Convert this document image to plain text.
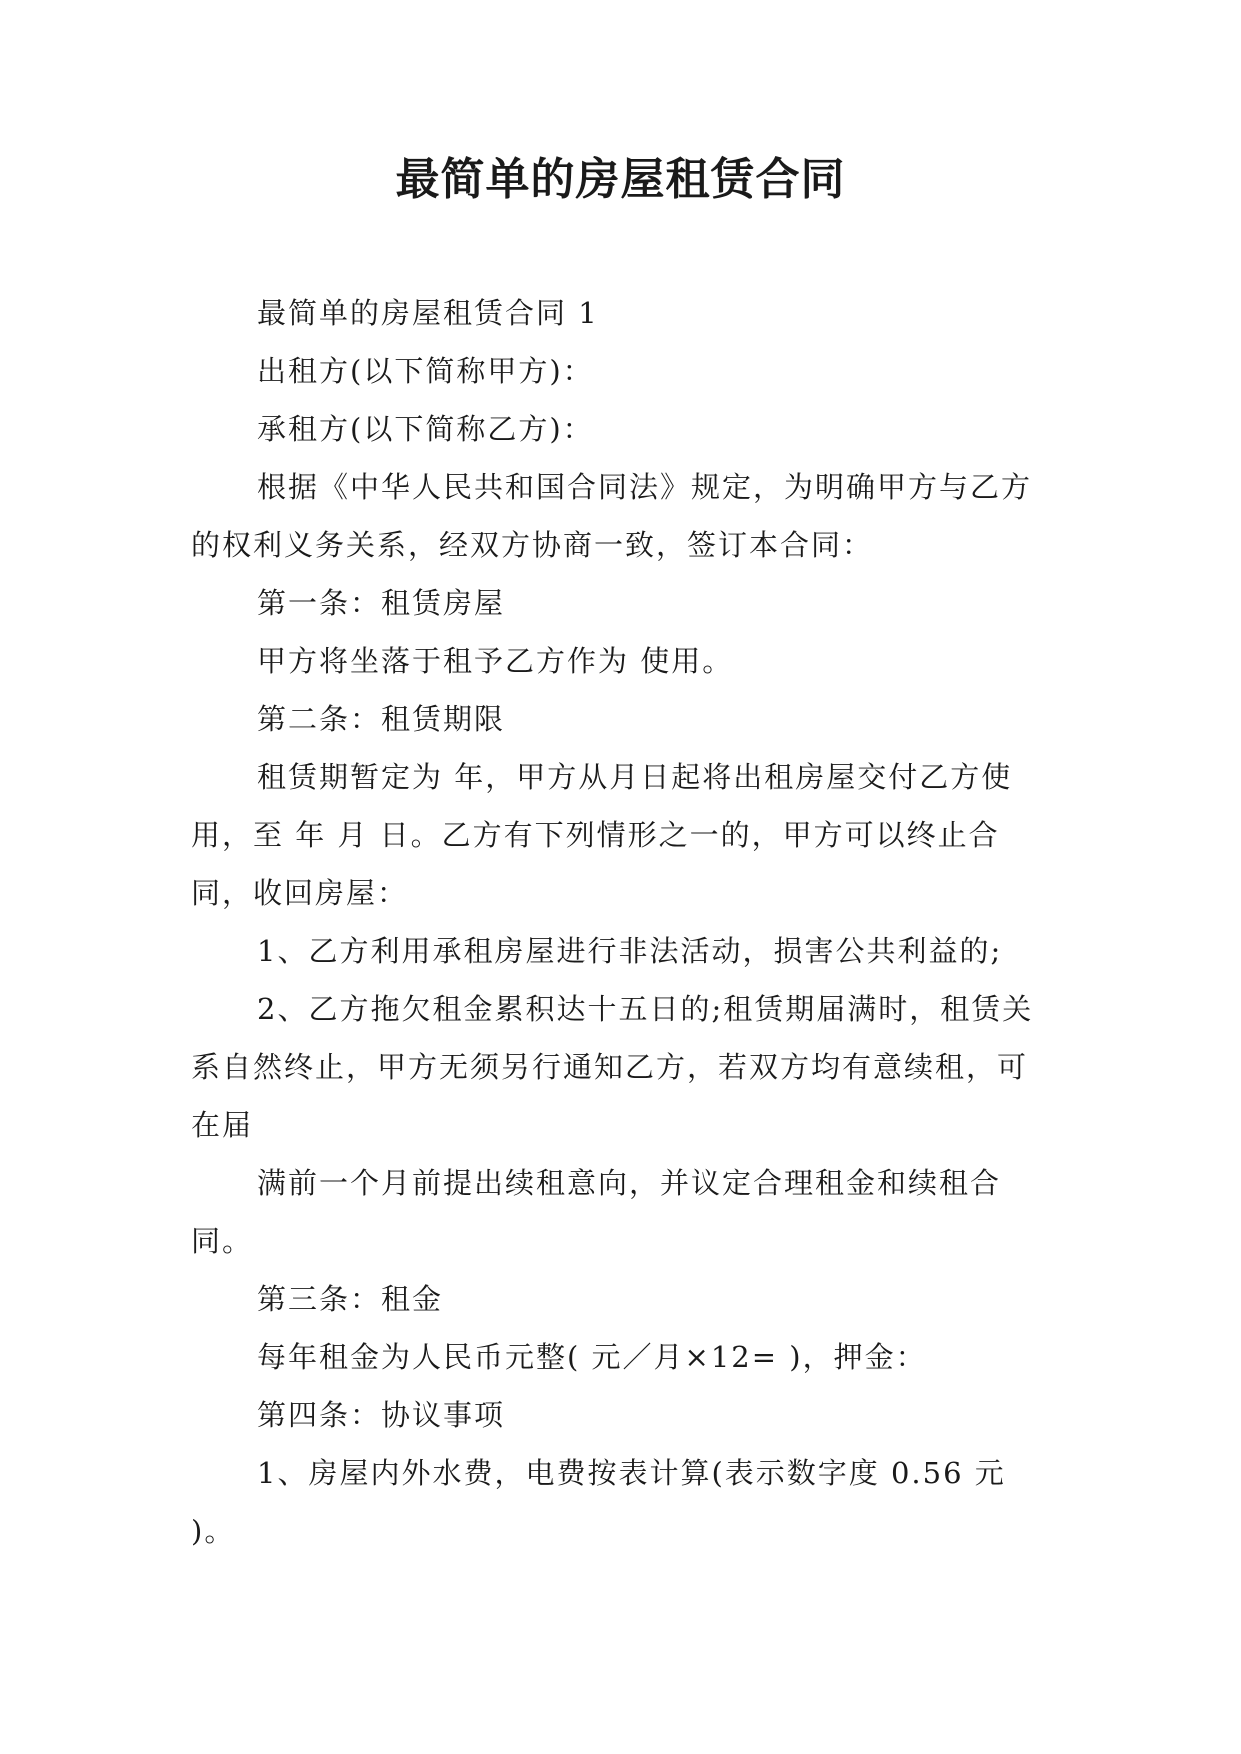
最简单的房屋租赁合同

最简单的房屋租赁合同 1

出租方(以下简称甲方)：

承租方(以下简称乙方)：

根据《中华人民共和国合同法》规定，为明确甲方与乙方的权利义务关系，经双方协商一致，签订本合同：

第一条：租赁房屋

甲方将坐落于租予乙方作为 使用。

第二条：租赁期限

租赁期暂定为 年，甲方从月日起将出租房屋交付乙方使用，至 年 月 日。乙方有下列情形之一的，甲方可以终止合同，收回房屋：

1、乙方利用承租房屋进行非法活动，损害公共利益的;

2、乙方拖欠租金累积达十五日的;租赁期届满时，租赁关系自然终止，甲方无须另行通知乙方，若双方均有意续租，可在届

满前一个月前提出续租意向，并议定合理租金和续租合同。

第三条：租金

每年租金为人民币元整( 元／月×12= )，押金：

第四条：协议事项

1、房屋内外水费，电费按表计算(表示数字度 0.56 元 )。
